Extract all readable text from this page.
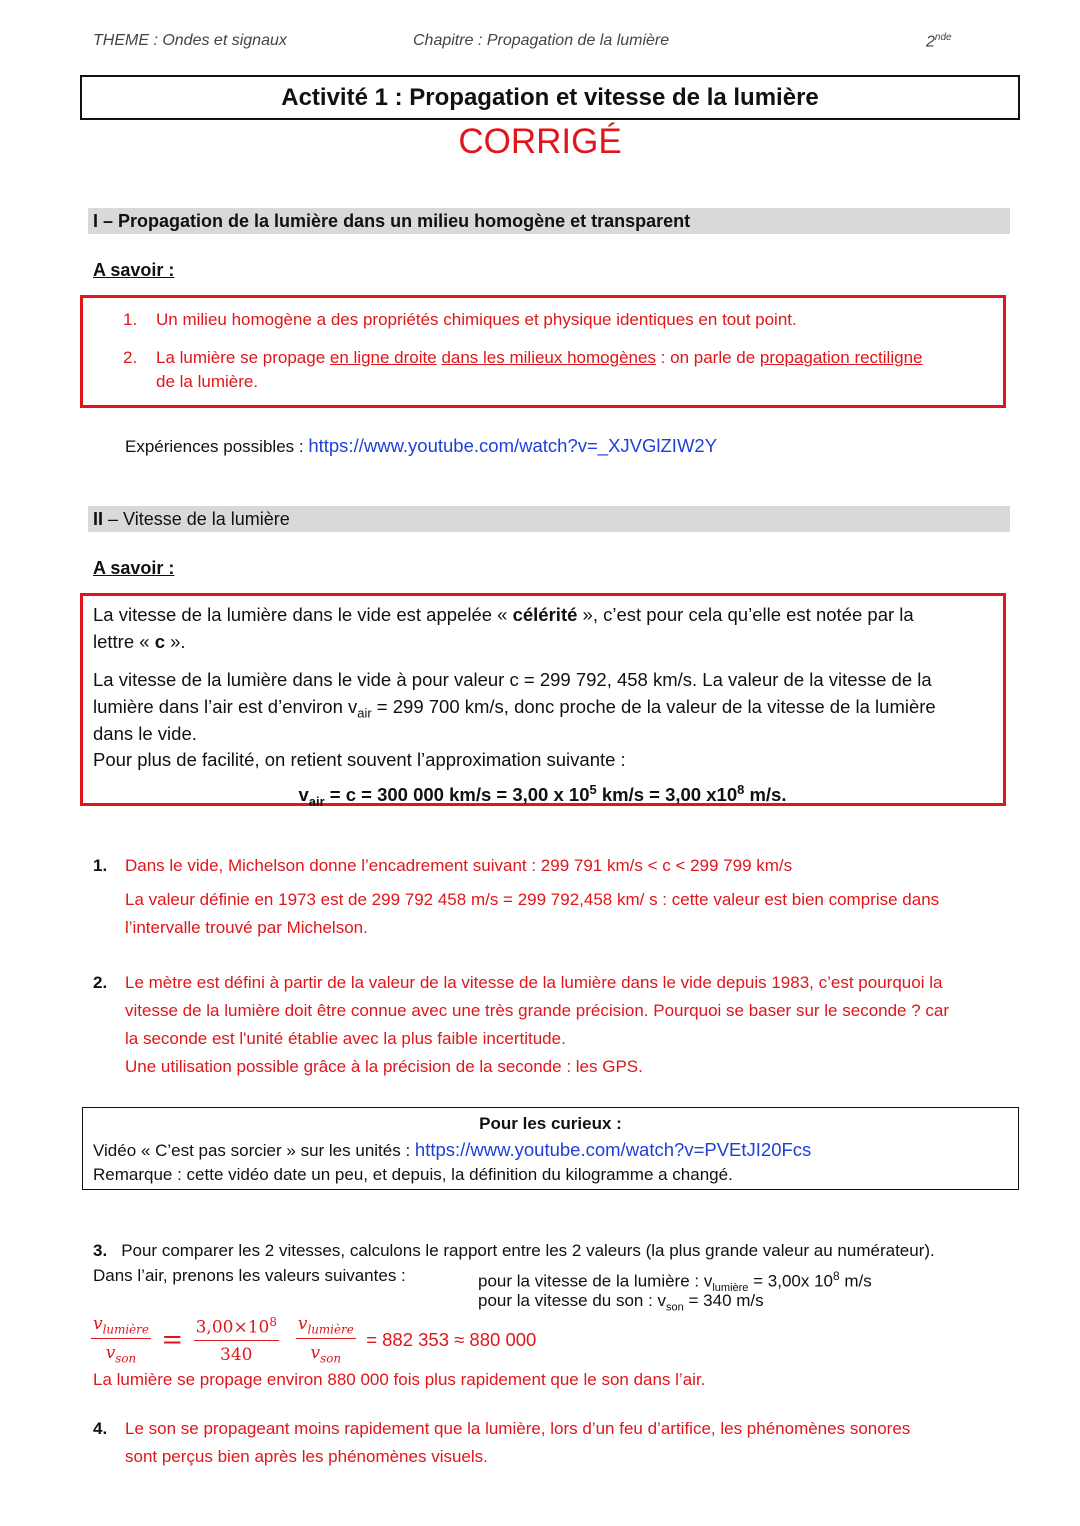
THEME : Ondes et signaux	Chapitre : Propagation de la lumière	2nde
Activité 1 : Propagation et vitesse de la lumière
CORRIGÉ
I – Propagation de la lumière dans un milieu homogène et transparent
A savoir :
1. Un milieu homogène a des propriétés chimiques et physique identiques en tout point.
2. La lumière se propage en ligne droite dans les milieux homogènes : on parle de propagation rectiligne
de la lumière.
Expériences possibles : https://www.youtube.com/watch?v=_XJVGlZIW2Y
II – Vitesse de la lumière
A savoir :
La vitesse de la lumière dans le vide est appelée « célérité », c’est pour cela qu’elle est notée par la
lettre « c ».
La vitesse de la lumière dans le vide à pour valeur c = 299 792, 458 km/s. La valeur de la vitesse de la
lumière dans l’air est d’environ $v_{air} = 299$ 700 km/s, donc proche de la valeur de la vitesse de la lumière
dans le vide.
Pour plus de facilité, on retient souvent l’approximation suivante :
$v_{air} = c = 300$ 000 km/s = 3,00 x $10^5$ km/s = 3,00 $x10^8$ m/s.
1. Dans le vide, Michelson donne l’encadrement suivant : 299 791 km/s < c < 299 799 km/s
La valeur définie en 1973 est de 299 792 458 m/s = 299 792,458 km/ s : cette valeur est bien comprise dans
l’intervalle trouvé par Michelson.
2. Le mètre est défini à partir de la valeur de la vitesse de la lumière dans le vide depuis 1983, c’est pourquoi la
vitesse de la lumière doit être connue avec une très grande précision. Pourquoi se baser sur le seconde ? car
la seconde est l'unité établie avec la plus faible incertitude.
Une utilisation possible grâce à la précision de la seconde : les GPS.
Pour les curieux :
Vidéo « C’est pas sorcier » sur les unités : https://www.youtube.com/watch?v=PVEtJI20Fcs
Remarque : cette vidéo date un peu, et depuis, la définition du kilogramme a changé.
3. Pour comparer les 2 vitesses, calculons le rapport entre les 2 valeurs (la plus grande valeur au numérateur).
Dans l’air, prenons les valeurs suivantes :	pour la vitesse de la lumière : $v_{lumière} = 3,00x$ $10^8$ m/s
pour la vitesse du son : $v_{son} = 340$ m/s
$\frac{v_{lumière}}{v_{son}} = \frac{3,00\times 10^8}{340}$
$\frac{v_{lumière}}{v_{son}} = 882$ 353 ≈ 880 000
La lumière se propage environ 880 000 fois plus rapidement que le son dans l’air.
4. Le son se propageant moins rapidement que la lumière, lors d’un feu d’artifice, les phénomènes sonores
sont perçus bien après les phénomènes visuels.
